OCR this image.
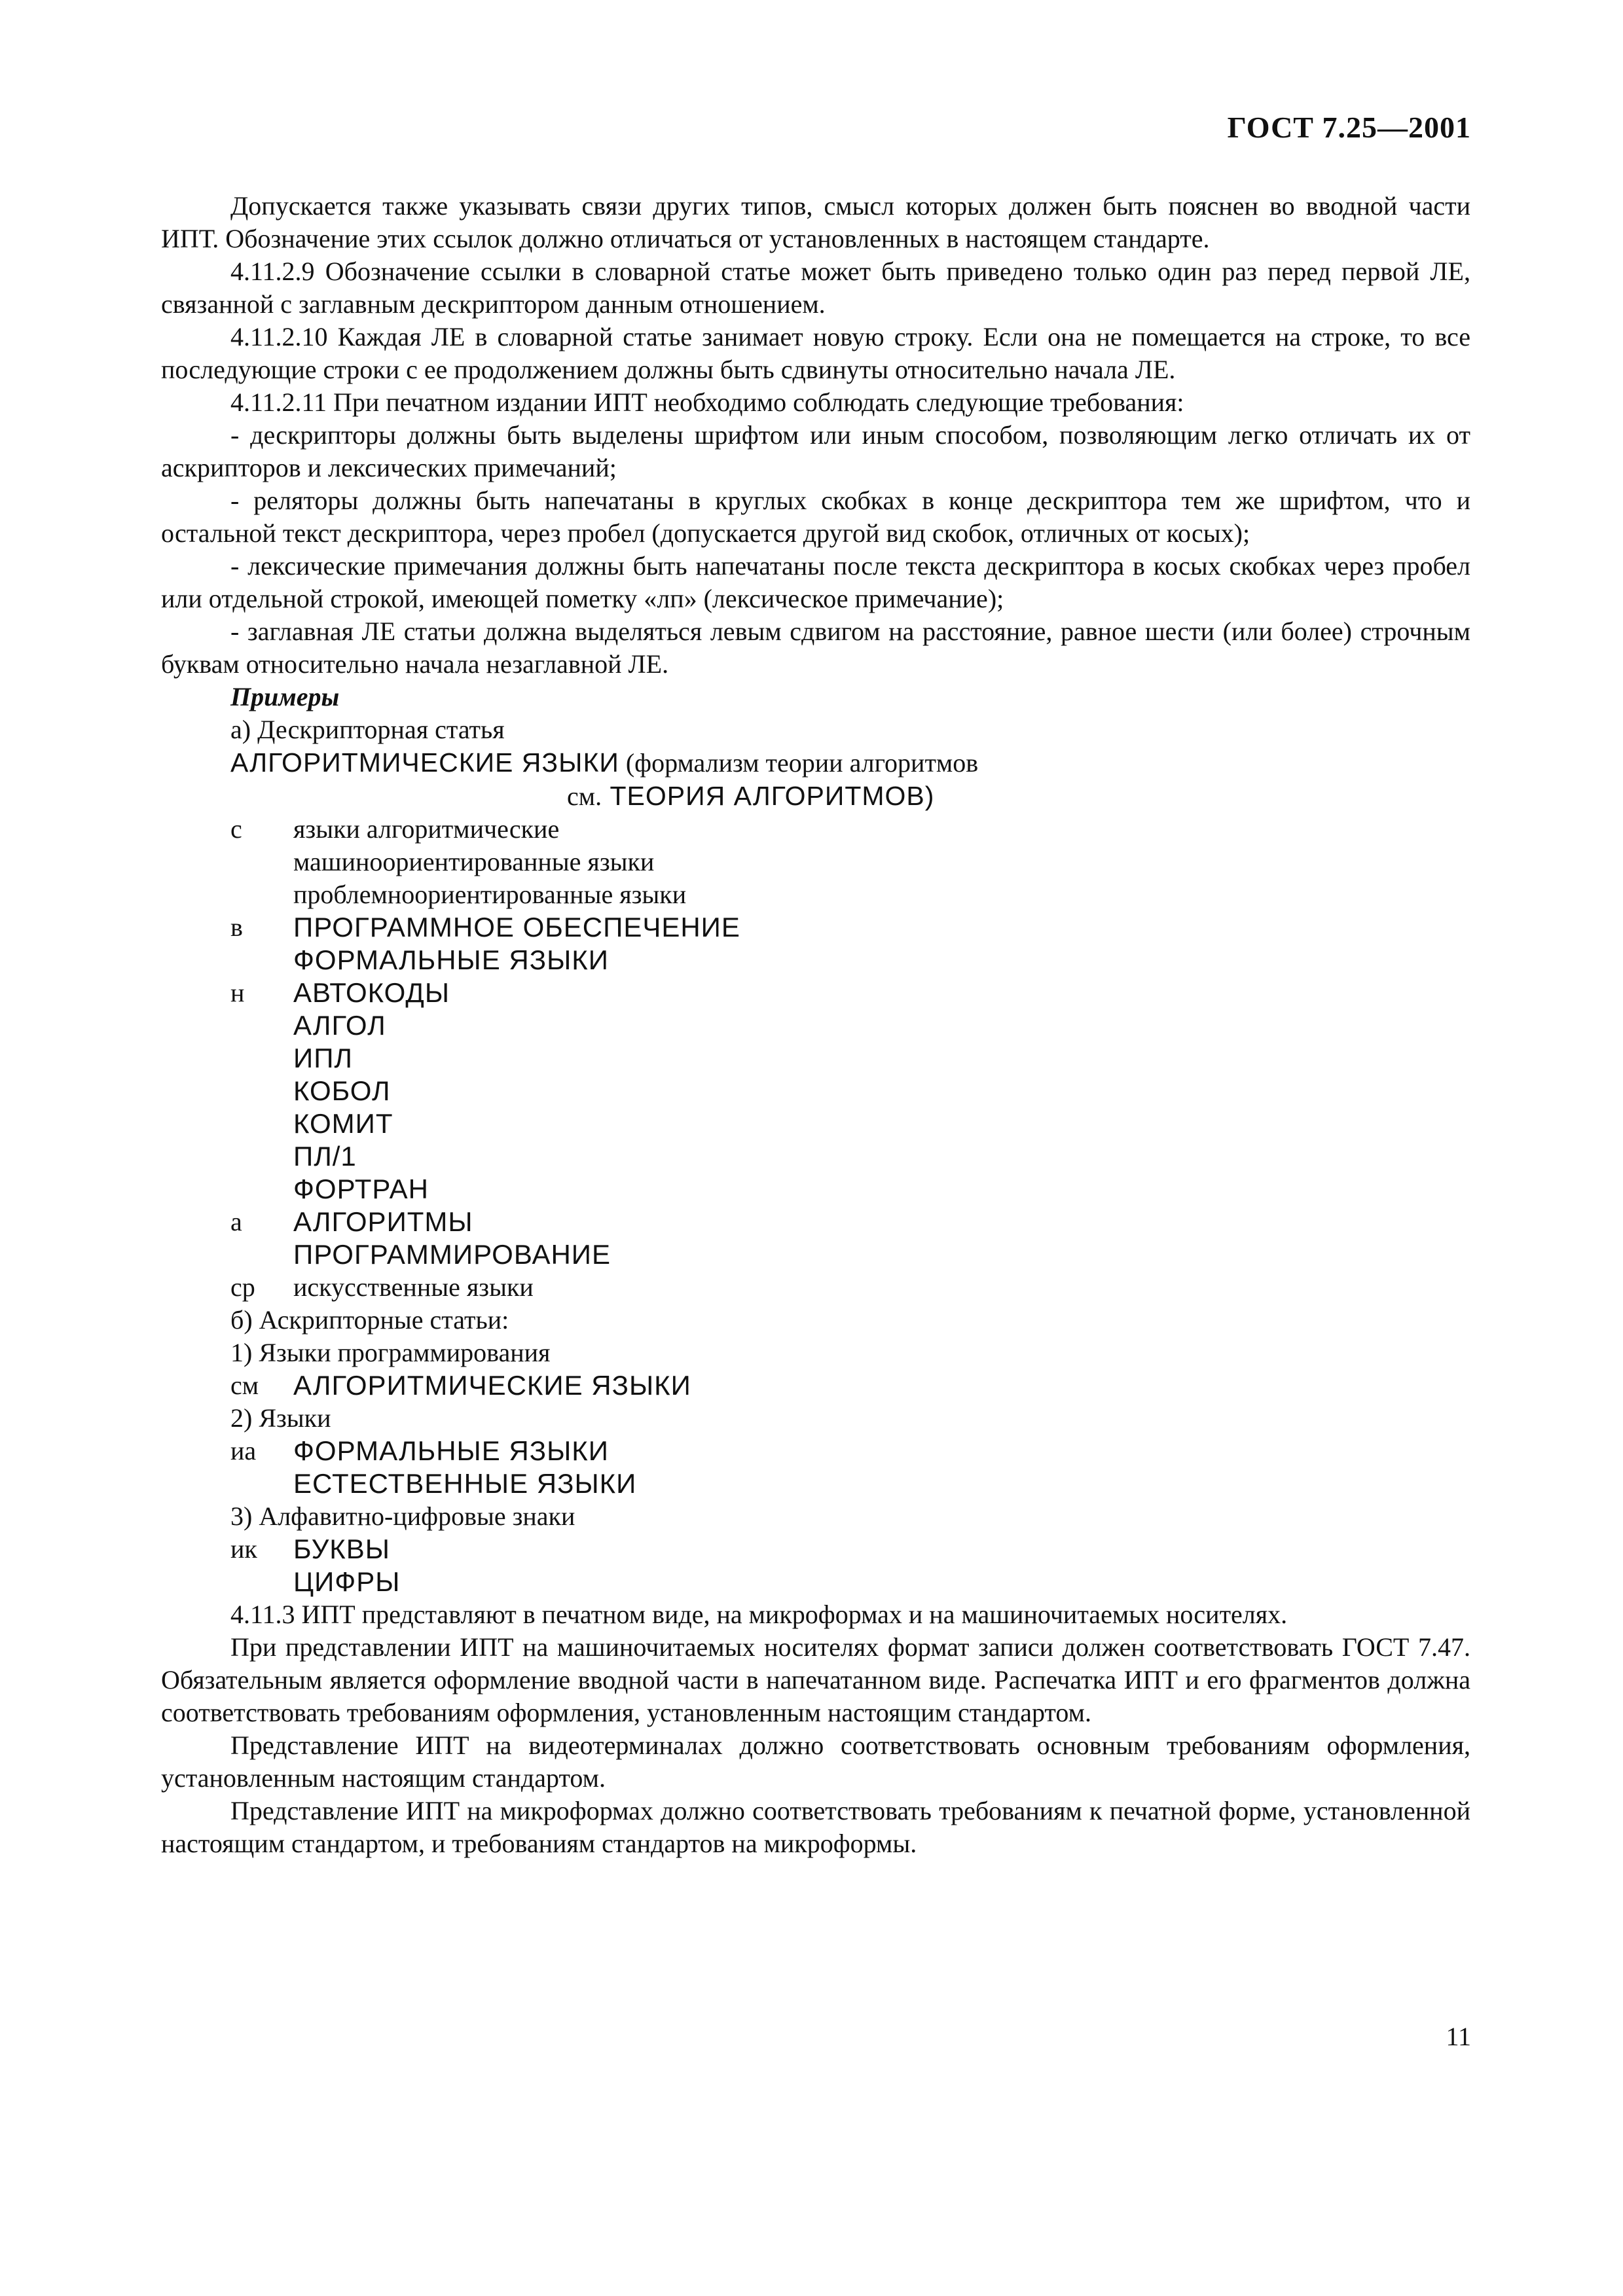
ГОСТ 7.25—2001

Допускается также указывать связи других типов, смысл которых должен быть пояснен во вводной части ИПТ. Обозначение этих ссылок должно отличаться от установленных в настоящем стандарте.

4.11.2.9 Обозначение ссылки в словарной статье может быть приведено только один раз перед первой ЛЕ, связанной с заглавным дескриптором данным отношением.

4.11.2.10 Каждая ЛЕ в словарной статье занимает новую строку. Если она не помещается на строке, то все последующие строки с ее продолжением должны быть сдвинуты относительно начала ЛЕ.

4.11.2.11 При печатном издании ИПТ необходимо соблюдать следующие требования:

- дескрипторы должны быть выделены шрифтом или иным способом, позволяющим легко отличать их от аскрипторов и лексических примечаний;

- реляторы должны быть напечатаны в круглых скобках в конце дескриптора тем же шрифтом, что и остальной текст дескриптора, через пробел (допускается другой вид скобок, отличных от косых);

- лексические примечания должны быть напечатаны после текста дескриптора в косых скобках через пробел или отдельной строкой, имеющей пометку «лп» (лексическое примечание);

- заглавная ЛЕ статьи должна выделяться левым сдвигом на расстояние, равное шести (или более) строчным буквам относительно начала незаглавной ЛЕ.

Примеры

а) Дескрипторная статья

АЛГОРИТМИЧЕСКИЕ ЯЗЫКИ (формализм теории алгоритмов

см. ТЕОРИЯ АЛГОРИТМОВ)

с	языки алгоритмические
машиноориентированные языки
проблемноориентированные языки
в	ПРОГРАММНОЕ ОБЕСПЕЧЕНИЕ
ФОРМАЛЬНЫЕ ЯЗЫКИ
н	АВТОКОДЫ
АЛГОЛ
ИПЛ
КОБОЛ
КОМИТ
ПЛ/1
ФОРТРАН
а	АЛГОРИТМЫ
ПРОГРАММИРОВАНИЕ
ср	искусственные языки

б) Аскрипторные статьи:

1) Языки программирования

см	АЛГОРИТМИЧЕСКИЕ ЯЗЫКИ

2) Языки

иа	ФОРМАЛЬНЫЕ ЯЗЫКИ
ЕСТЕСТВЕННЫЕ ЯЗЫКИ

3) Алфавитно-цифровые знаки

ик	БУКВЫ
ЦИФРЫ

4.11.3 ИПТ представляют в печатном виде, на микроформах и на машиночитаемых носителях.

При представлении ИПТ на машиночитаемых носителях формат записи должен соответствовать ГОСТ 7.47. Обязательным является оформление вводной части в напечатанном виде. Распечатка ИПТ и его фрагментов должна соответствовать требованиям оформления, установленным настоящим стандартом.

Представление ИПТ на видеотерминалах должно соответствовать основным требованиям оформления, установленным настоящим стандартом.

Представление ИПТ на микроформах должно соответствовать требованиям к печатной форме, установленной настоящим стандартом, и требованиям стандартов на микроформы.

11
